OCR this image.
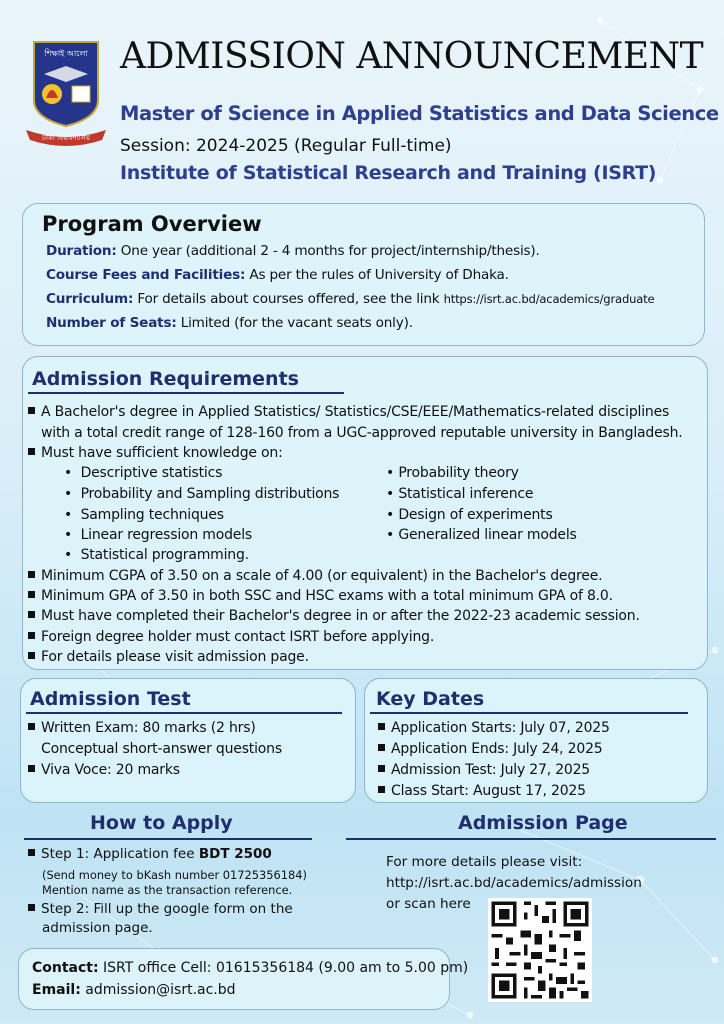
শিক্ষাই আলো
ঢাকা বিশ্ববিদ্যালয়
ADMISSION ANNOUNCEMENT
Master of Science in Applied Statistics and Data Science
Session: 2024-2025 (Regular Full-time)
Institute of Statistical Research and Training (ISRT)
Program Overview
Duration: One year (additional 2 - 4 months for project/internship/thesis).
Course Fees and Facilities: As per the rules of University of Dhaka.
Curriculum: For details about courses offered, see the link https://isrt.ac.bd/academics/graduate
Number of Seats: Limited (for the vacant seats only).
Admission Requirements
A Bachelor's degree in Applied Statistics/ Statistics/CSE/EEE/Mathematics-related disciplines
with a total credit range of 128-160 from a UGC-approved reputable university in Bangladesh.
Must have sufficient knowledge on:
•  Descriptive statistics
•  Probability and Sampling distributions
•  Sampling techniques
•  Linear regression models
•  Statistical programming.
• Probability theory
• Statistical inference
• Design of experiments
• Generalized linear models
Minimum CGPA of 3.50 on a scale of 4.00 (or equivalent) in the Bachelor's degree.
Minimum GPA of 3.50 in both SSC and HSC exams with a total minimum GPA of 8.0.
Must have completed their Bachelor's degree in or after the 2022-23 academic session.
Foreign degree holder must contact ISRT before applying.
For details please visit admission page.
Admission Test
Written Exam: 80 marks (2 hrs)
Conceptual short-answer questions
Viva Voce: 20 marks
Key Dates
Application Starts: July 07, 2025
Application Ends: July 24, 2025
Admission Test: July 27, 2025
Class Start: August 17, 2025
How to Apply
Step 1: Application fee BDT 2500
(Send money to bKash number 01725356184)
Mention name as the transaction reference.
Step 2: Fill up the google form on the
admission page.
Contact: ISRT office Cell: 01615356184 (9.00 am to 5.00 pm)
Email: admission@isrt.ac.bd
Admission Page
For more details please visit:
http://isrt.ac.bd/academics/admission
or scan here
